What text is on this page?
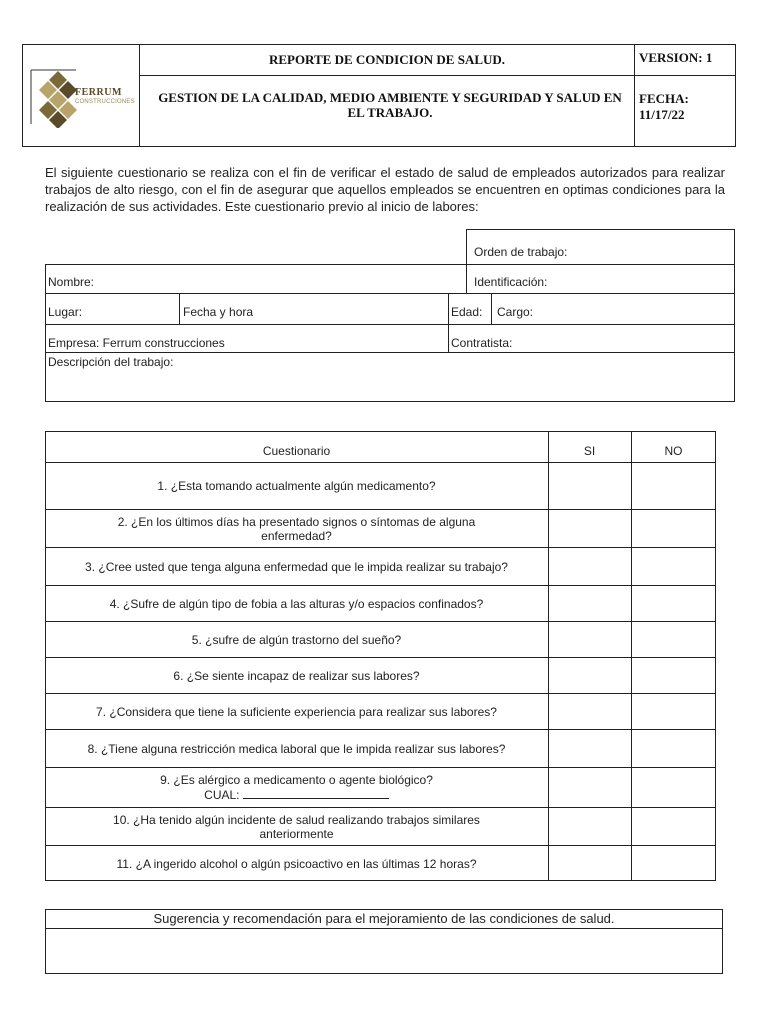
FERRUM
CONSTRUCCIONES
REPORTE DE CONDICION DE SALUD.	VERSION: 1
GESTION DE LA CALIDAD, MEDIO AMBIENTE Y SEGURIDAD Y SALUD EN EL TRABAJO.
FECHA:
11/17/22
El siguiente cuestionario se realiza con el fin de verificar el estado de salud de empleados autorizados para realizar trabajos de alto riesgo, con el fin de asegurar que aquellos empleados se encuentren en optimas condiciones para la realización de sus actividades. Este cuestionario previo al inicio de labores:
Orden de trabajo:
Nombre:	Identificación:
Lugar:	Fecha y hora	Edad: Cargo:
Empresa: Ferrum construcciones	Contratista:
Descripción del trabajo:
Cuestionario	SI	NO
1. ¿Esta tomando actualmente algún medicamento?
2. ¿En los últimos días ha presentado signos o síntomas de alguna
enfermedad?
3. ¿Cree usted que tenga alguna enfermedad que le impida realizar su trabajo?
4. ¿Sufre de algún tipo de fobia a las alturas y/o espacios confinados?
5. ¿sufre de algún trastorno del sueño?
6. ¿Se siente incapaz de realizar sus labores?
7. ¿Considera que tiene la suficiente experiencia para realizar sus labores?
8. ¿Tiene alguna restricción medica laboral que le impida realizar sus labores?
9. ¿Es alérgico a medicamento o agente biológico?
CUAL:
10. ¿Ha tenido algún incidente de salud realizando trabajos similares
anteriormente
11. ¿A ingerido alcohol o algún psicoactivo en las últimas 12 horas?
Sugerencia y recomendación para el mejoramiento de las condiciones de salud.
